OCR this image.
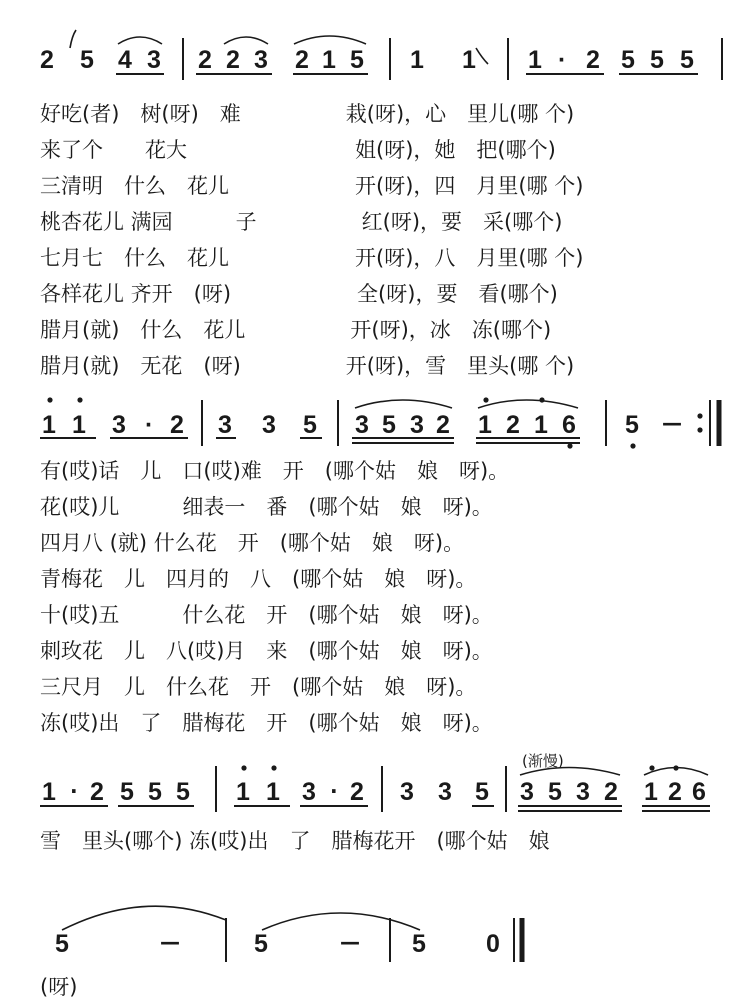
2 5 4 3 2 2 3 2 1 5 1 1 1 · 2 5 5 5
好吃(者)　树(呀)　难　　　　　栽(呀)，心　里儿(哪 个)
来了个　　花大　　　　　　　　姐(呀)，她　把(哪个)
三清明　什么　花儿　　　　　　开(呀)，四　月里(哪 个)
桃杏花儿 满园　　　子　　　　　红(呀)，要　采(哪个)
七月七　什么　花儿　　　　　　开(呀)，八　月里(哪 个)
各样花儿 齐开　(呀)　　　　　　全(呀)，要　看(哪个)
腊月(就)　什么　花儿　　　　　开(呀)，冰　冻(哪个)
腊月(就)　无花　(呀)　　　　　开(呀)，雪　里头(哪 个)
1 1 3 · 2 3 3 5 3 5 3 2 1 2 1 6 5 —
有(哎)话　儿　口(哎)难　开　(哪个姑　娘　呀)。
花(哎)儿　　　细表一　番　(哪个姑　娘　呀)。
四月八 (就) 什么花　开　(哪个姑　娘　呀)。
青梅花　儿　四月的　八　(哪个姑　娘　呀)。
十(哎)五　　　什么花　开　(哪个姑　娘　呀)。
刺玫花　儿　八(哎)月　来　(哪个姑　娘　呀)。
三尺月　儿　什么花　开　(哪个姑　娘　呀)。
冻(哎)出　了　腊梅花　开　(哪个姑　娘　呀)。
(渐慢)
1 · 2 5 5 5 1 1 3 · 2 3 3 5 3 5 3 2 1 2 6
雪　里头(哪个) 冻(哎)出　了　腊梅花开　(哪个姑　娘
5	—	5	— 5 0
(呀)
